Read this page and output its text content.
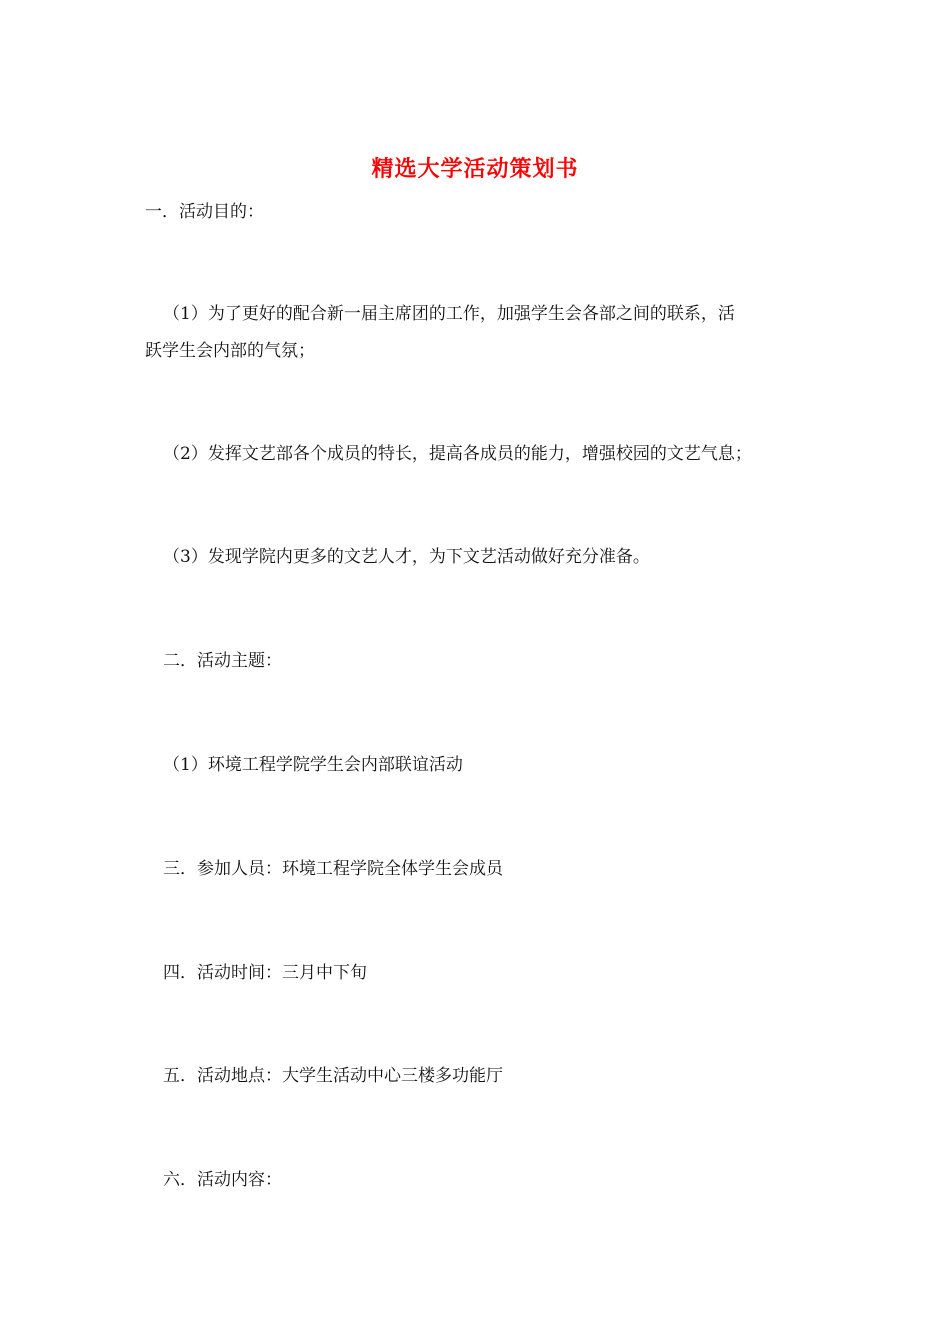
精选大学活动策划书
一．活动目的：
（1）为了更好的配合新一届主席团的工作，加强学生会各部之间的联系，活
跃学生会内部的气氛；
（2）发挥文艺部各个成员的特长，提高各成员的能力，增强校园的文艺气息；
（3）发现学院内更多的文艺人才，为下文艺活动做好充分准备。
二．活动主题：
（1）环境工程学院学生会内部联谊活动
三．参加人员：环境工程学院全体学生会成员
四．活动时间：三月中下旬
五．活动地点：大学生活动中心三楼多功能厅
六．活动内容：
